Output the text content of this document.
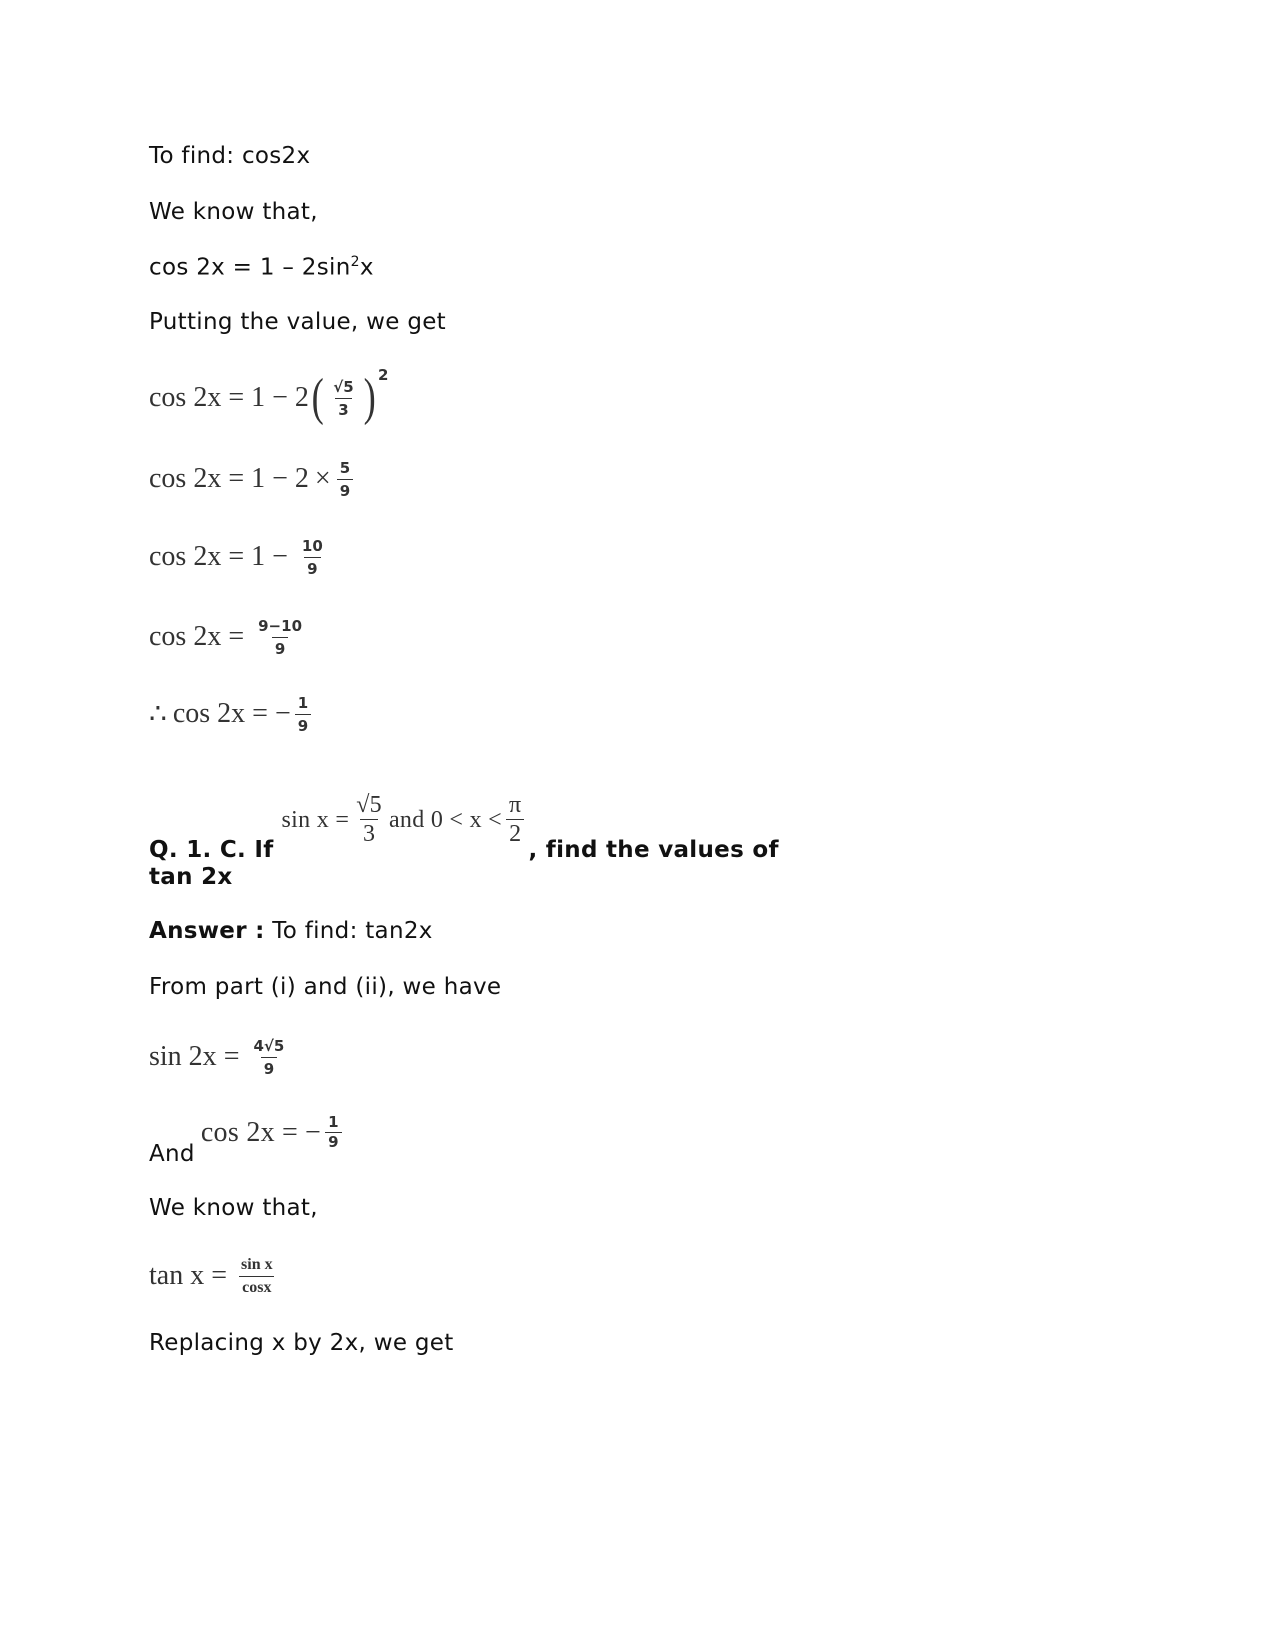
To find: cos2x
We know that,
$\cos 2x = 1 - 2\sin^2x$
Putting the value, we get
cos 2x = 1 − 2 ( $\frac{√5}{3}$ ) 2
$\cos 2x = 1 - 2 \times \frac{5}{9}$
$\cos 2x = 1 - \frac{10}{9}$
$\cos 2x = \frac{9-10}{9}$
∴ cos 2x = − $\frac{1}{9}$
Q. 1. C. If
$\sin x = \frac{√5}{3}$ and $0 < x < \frac{\pi}{2}$
, find the values of
tan 2x
Answer : To find: tan2x
From part (i) and (ii), we have
$\sin 2x = \frac{4√5}{9}$
And
cos 2x = − $\frac{1}{9}$
We know that,
$\tan x = \frac{\text{sin x}}{\cos x}$
Replacing x by 2x, we get
